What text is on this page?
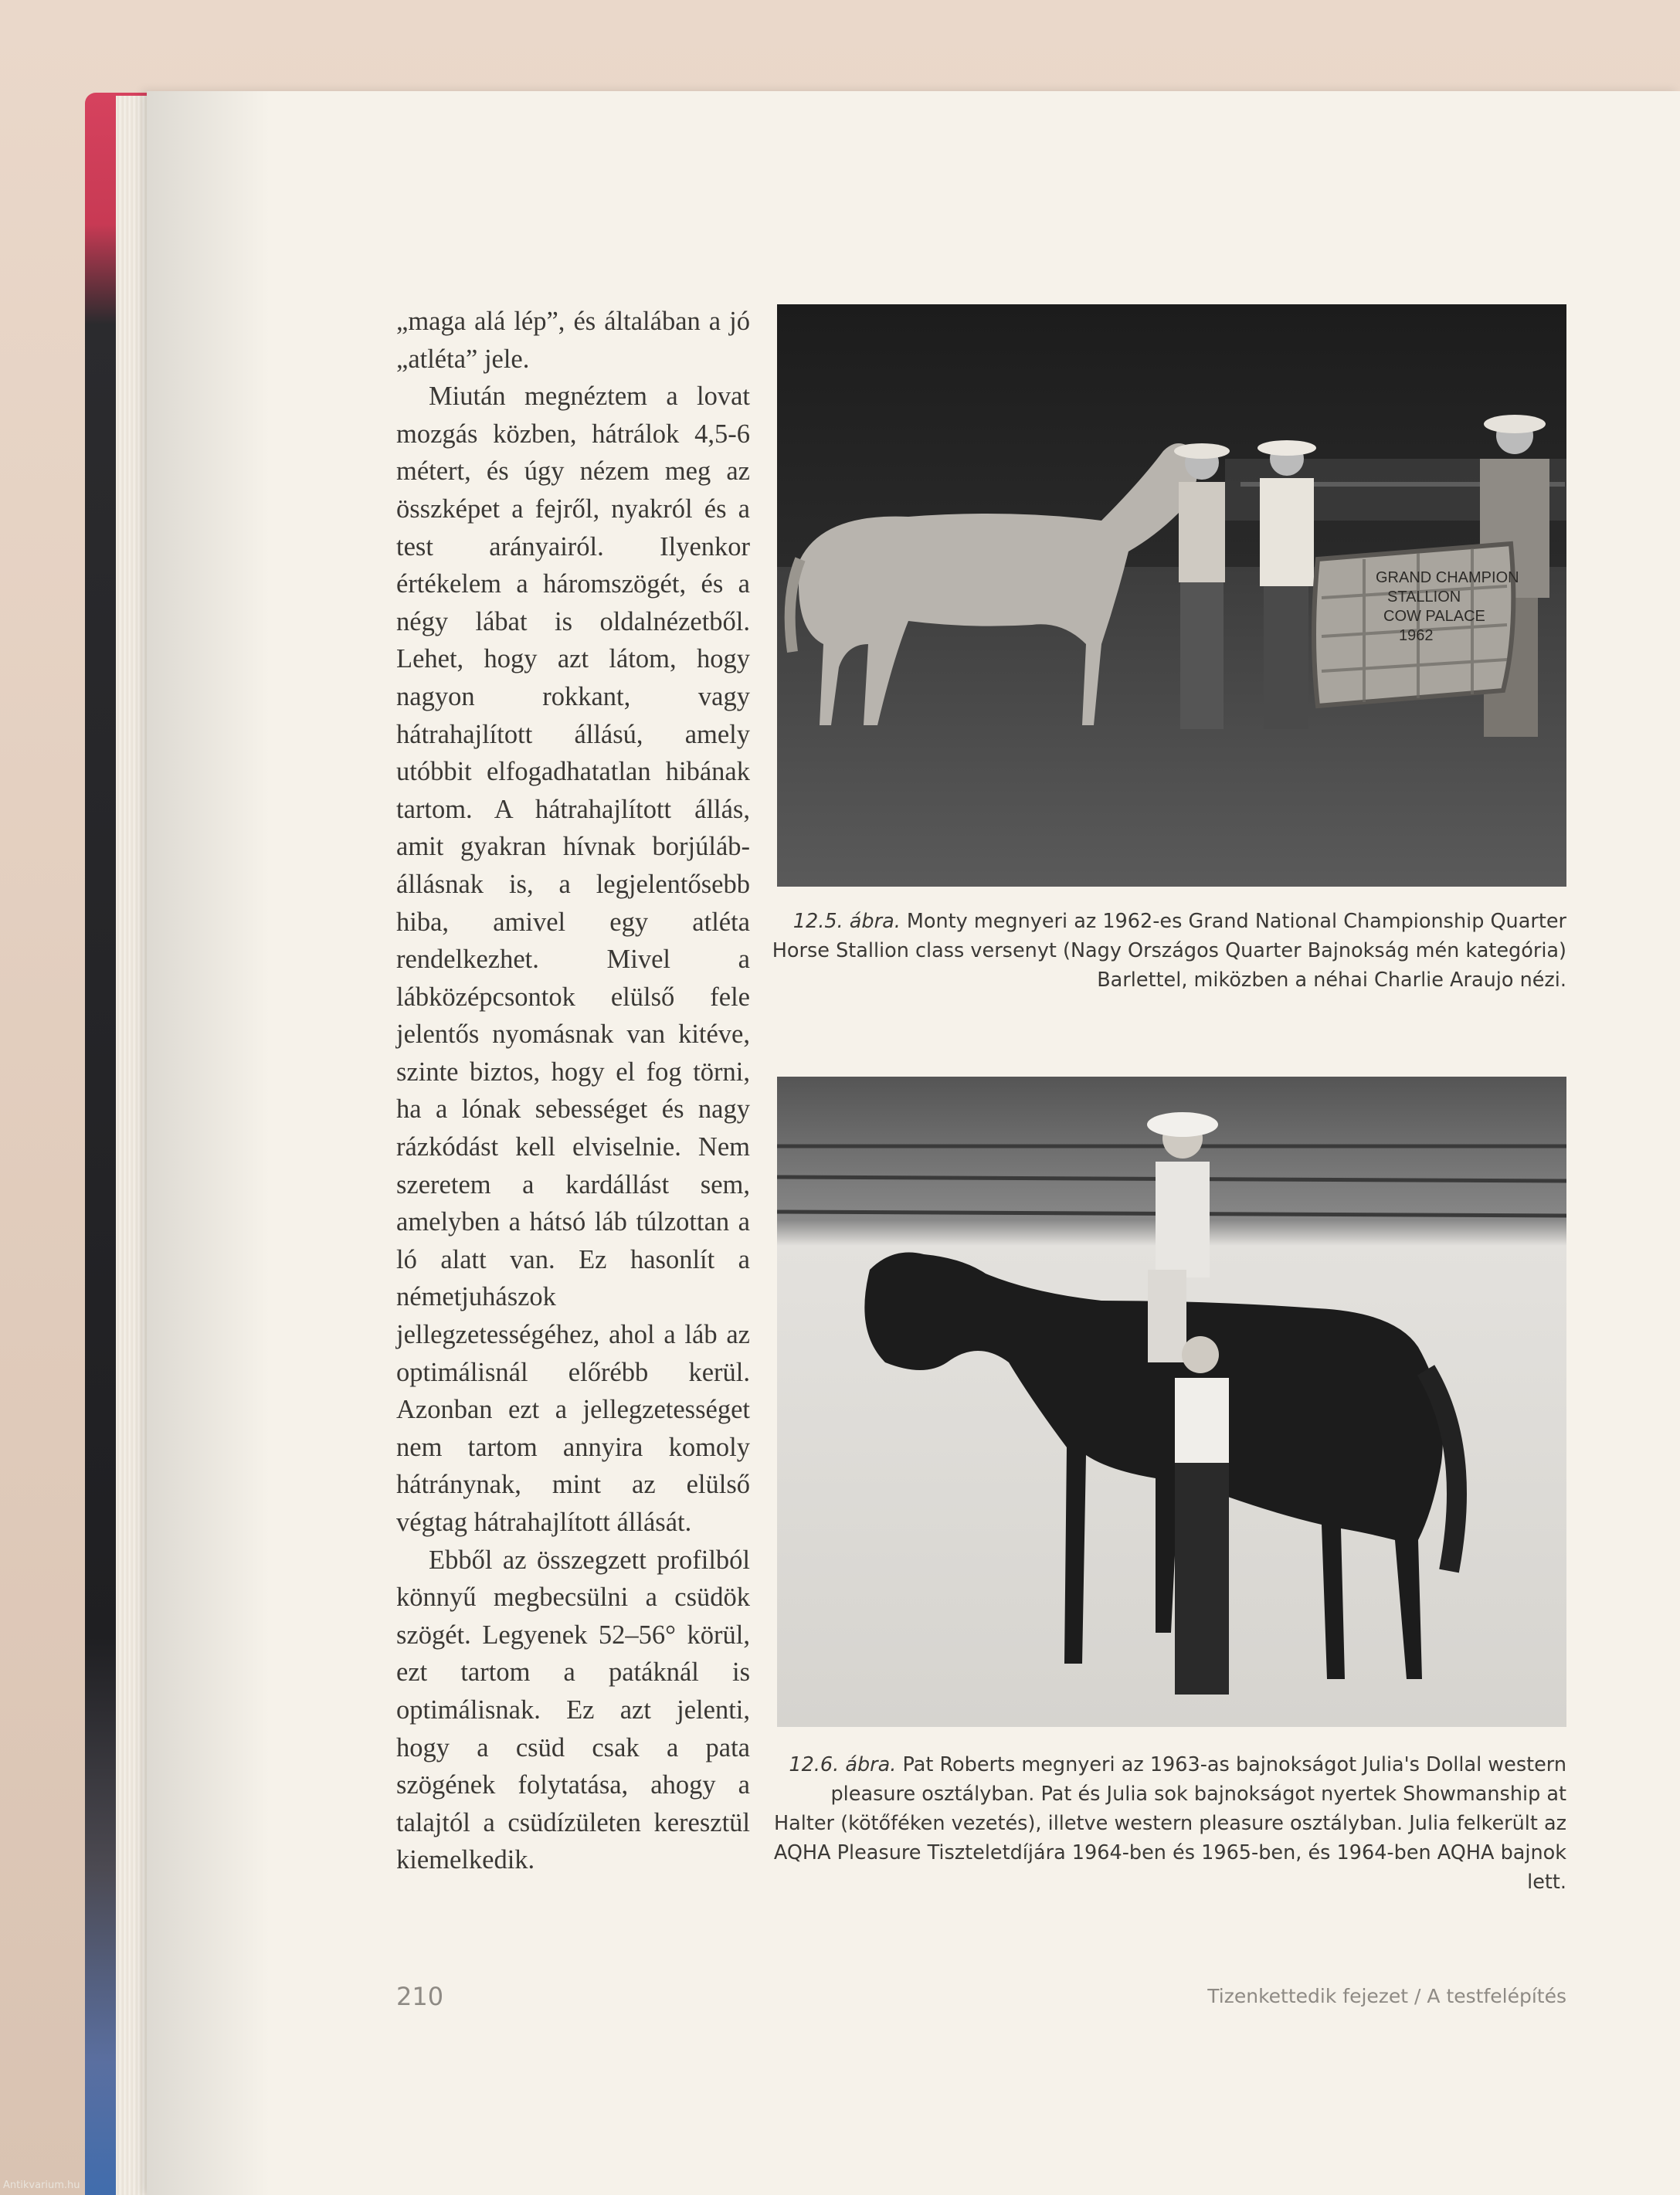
„maga alá lép”, és általában a jó „atléta” jele.

Miután megnéztem a lovat mozgás közben, hátrálok 4,5-6 métert, és úgy nézem meg az összképet a fejről, nyakról és a test arányairól. Ilyenkor értékelem a háromszögét, és a négy lábat is oldalnézetből. Lehet, hogy azt látom, hogy nagyon rokkant, vagy hátrahajlított állású, amely utóbbit elfogadhatatlan hibának tartom. A hátrahajlított állás, amit gyakran hívnak borjúláb-állásnak is, a legjelentősebb hiba, amivel egy atléta rendelkezhet. Mivel a lábközépcsontok elülső fele jelentős nyomásnak van kitéve, szinte biztos, hogy el fog törni, ha a lónak sebességet és nagy rázkódást kell elviselnie. Nem szeretem a kardállást sem, amelyben a hátsó láb túlzottan a ló alatt van. Ez hasonlít a németjuhászok jellegzetességéhez, ahol a láb az optimálisnál előrébb kerül. Azonban ezt a jellegzetességet nem tartom annyira komoly hátránynak, mint az elülső végtag hátrahajlított állását.

Ebből az összegzett profilból könnyű megbecsülni a csüdök szögét. Legyenek 52–56° körül, ezt tartom a patáknál is optimálisnak. Ez azt jelenti, hogy a csüd csak a pata szögének folytatása, ahogy a talajtól a csüdízületen keresztül kiemelkedik.

GRAND CHAMPION
STALLION
COW PALACE
1962
12.5. ábra. Monty megnyeri az 1962-es Grand National Championship Quarter Horse Stallion class versenyt (Nagy Országos Quarter Bajnokság mén kategória) Barlettel, miközben a néhai Charlie Araujo nézi.
12.6. ábra. Pat Roberts megnyeri az 1963-as bajnokságot Julia's Dollal western pleasure osztályban. Pat és Julia sok bajnokságot nyertek Showmanship at Halter (kötőféken vezetés), illetve western pleasure osztályban. Julia felkerült az AQHA Pleasure Tiszteletdíjára 1964-ben és 1965-ben, és 1964-ben AQHA bajnok lett.
210	Tizenkettedik fejezet / A testfelépítés
Antikvarium.hu
